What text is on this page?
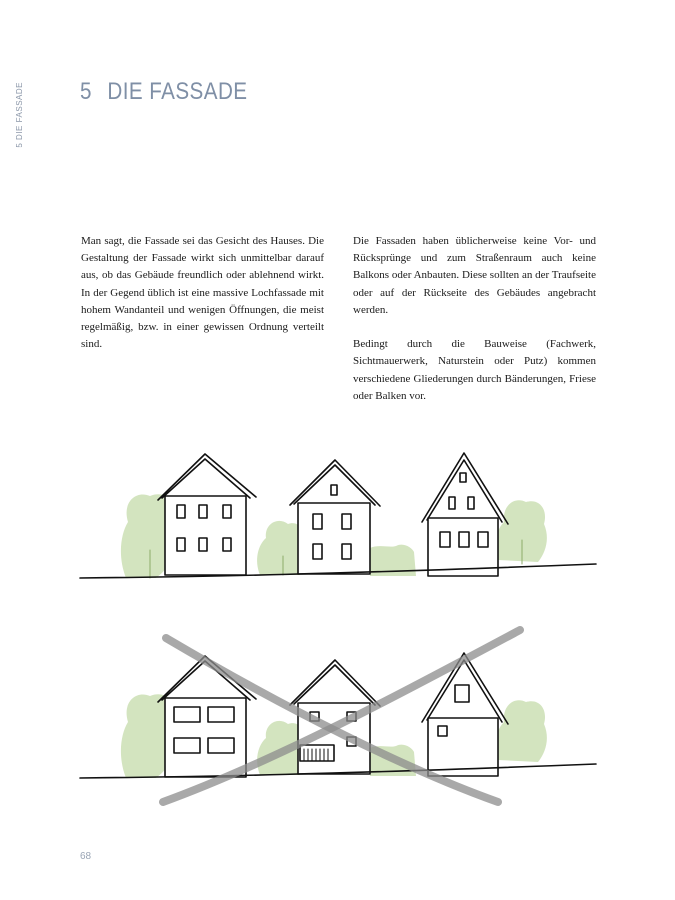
5 DIE FASSADE 5 DIE FASSADE

Man sagt, die Fassade sei das Gesicht des Hauses. Die Gestaltung der Fassade wirkt sich unmittelbar darauf aus, ob das Gebäude freundlich oder ablehnend wirkt. In der Gegend üblich ist eine massive Lochfassade mit hohem Wandanteil und wenigen Öffnungen, die meist regelmäßig, bzw. in einer gewissen Ordnung verteilt sind.

Die Fassaden haben üblicherweise keine Vor- und Rücksprünge und zum Straßenraum auch keine Balkons oder Anbauten. Diese sollten an der Traufseite oder auf der Rückseite des Gebäudes angebracht werden.

Bedingt durch die Bauweise (Fachwerk, Sichtmauerwerk, Naturstein oder Putz) kommen verschiedene Gliederungen durch Bänderungen, Friese oder Balken vor.

68
